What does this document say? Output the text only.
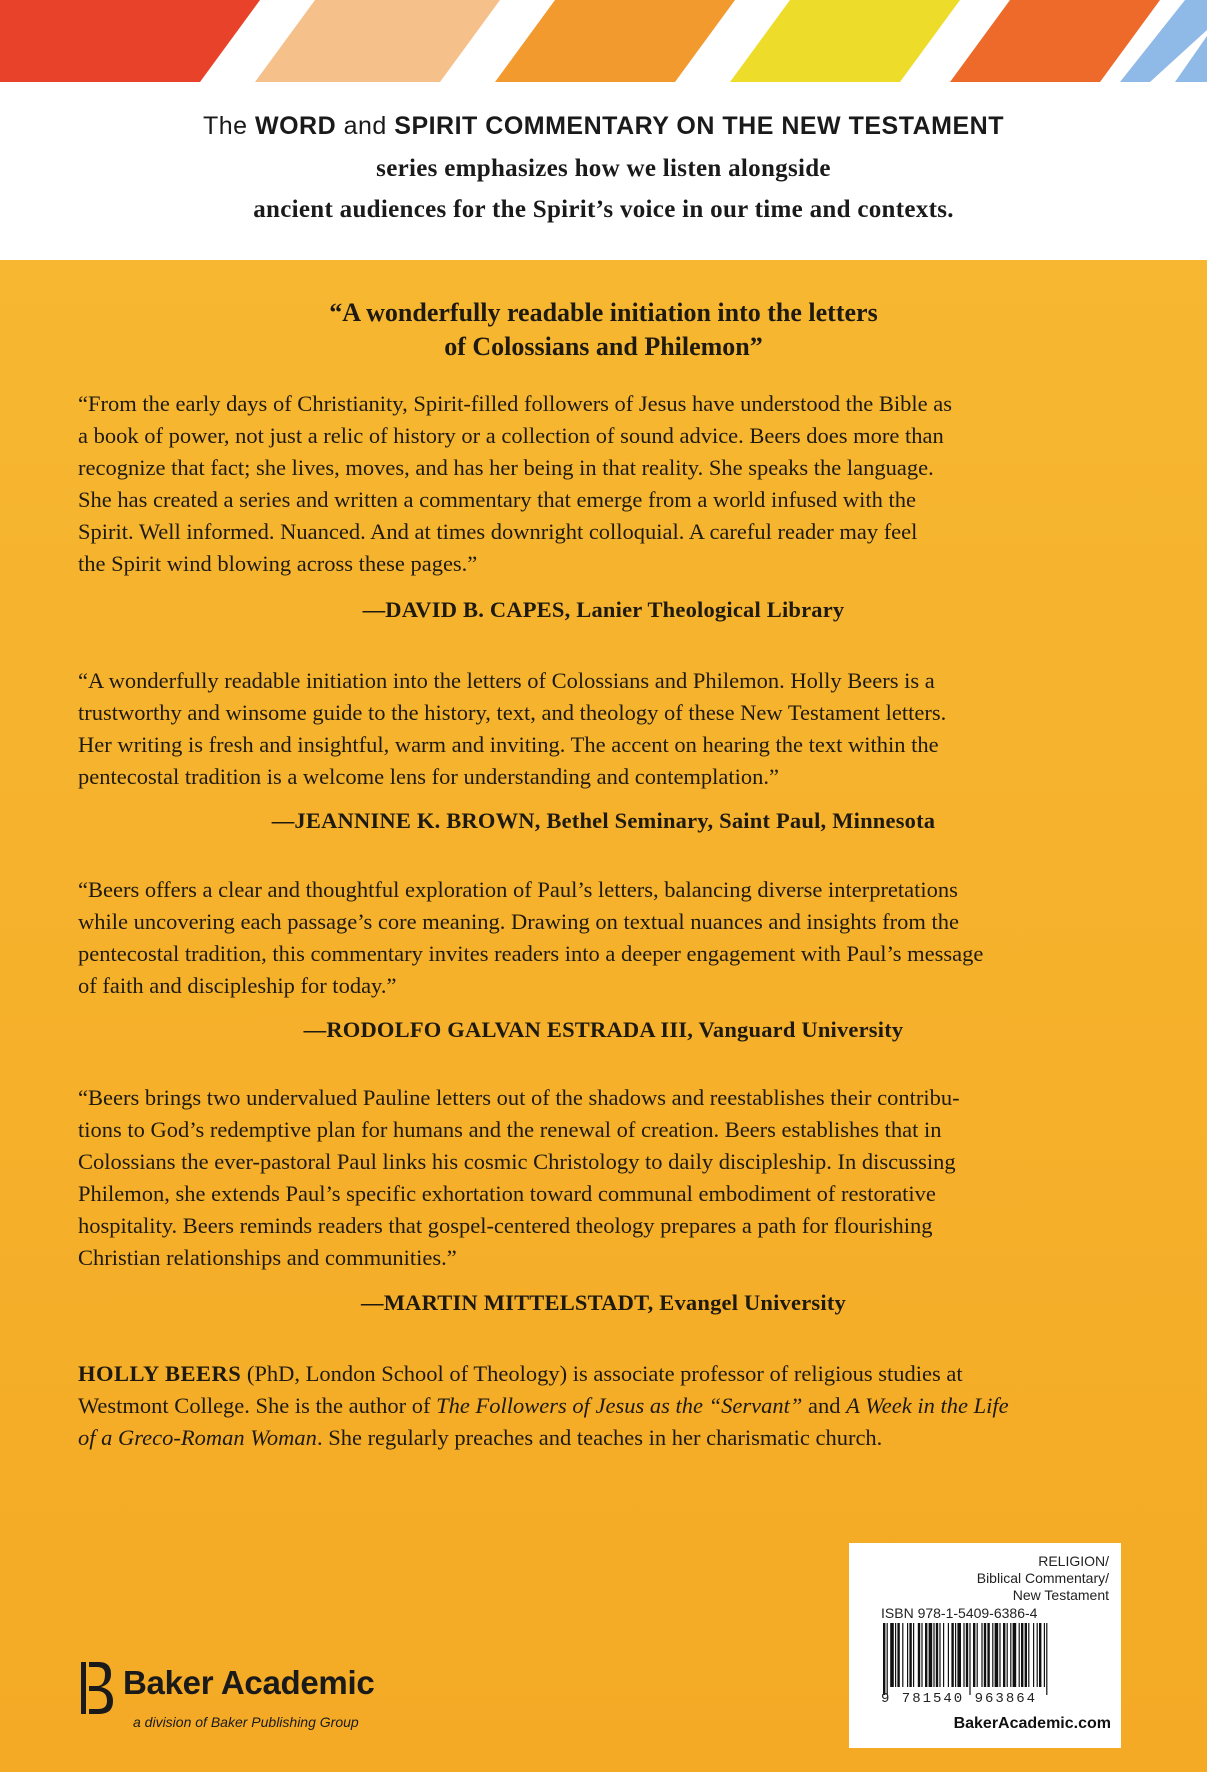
The WORD and SPIRIT COMMENTARY ON THE NEW TESTAMENT
series emphasizes how we listen alongside
ancient audiences for the Spirit’s voice in our time and contexts.
“A wonderfully readable initiation into the letters
of Colossians and Philemon”
“From the early days of Christianity, Spirit-filled followers of Jesus have understood the Bible as
a book of power, not just a relic of history or a collection of sound advice. Beers does more than
recognize that fact; she lives, moves, and has her being in that reality. She speaks the language.
She has created a series and written a commentary that emerge from a world infused with the
Spirit. Well informed. Nuanced. And at times downright colloquial. A careful reader may feel
the Spirit wind blowing across these pages.”
—DAVID B. CAPES, Lanier Theological Library
“A wonderfully readable initiation into the letters of Colossians and Philemon. Holly Beers is a
trustworthy and winsome guide to the history, text, and theology of these New Testament letters.
Her writing is fresh and insightful, warm and inviting. The accent on hearing the text within the
pentecostal tradition is a welcome lens for understanding and contemplation.”
—JEANNINE K. BROWN, Bethel Seminary, Saint Paul, Minnesota
“Beers offers a clear and thoughtful exploration of Paul’s letters, balancing diverse interpretations
while uncovering each passage’s core meaning. Drawing on textual nuances and insights from the
pentecostal tradition, this commentary invites readers into a deeper engagement with Paul’s message
of faith and discipleship for today.”
—RODOLFO GALVAN ESTRADA III, Vanguard University
“Beers brings two undervalued Pauline letters out of the shadows and reestablishes their contribu-
tions to God’s redemptive plan for humans and the renewal of creation. Beers establishes that in
Colossians the ever-pastoral Paul links his cosmic Christology to daily discipleship. In discussing
Philemon, she extends Paul’s specific exhortation toward communal embodiment of restorative
hospitality. Beers reminds readers that gospel-centered theology prepares a path for flourishing
Christian relationships and communities.”
—MARTIN MITTELSTADT, Evangel University
HOLLY BEERS (PhD, London School of Theology) is associate professor of religious studies at
Westmont College. She is the author of The Followers of Jesus as the “Servant” and A Week in the Life
of a Greco-Roman Woman. She regularly preaches and teaches in her charismatic church.
Baker Academic
a division of Baker Publishing Group
RELIGION/
Biblical Commentary/
New Testament
ISBN 978-1-5409-6386-4
9 781540 963864
BakerAcademic.com
